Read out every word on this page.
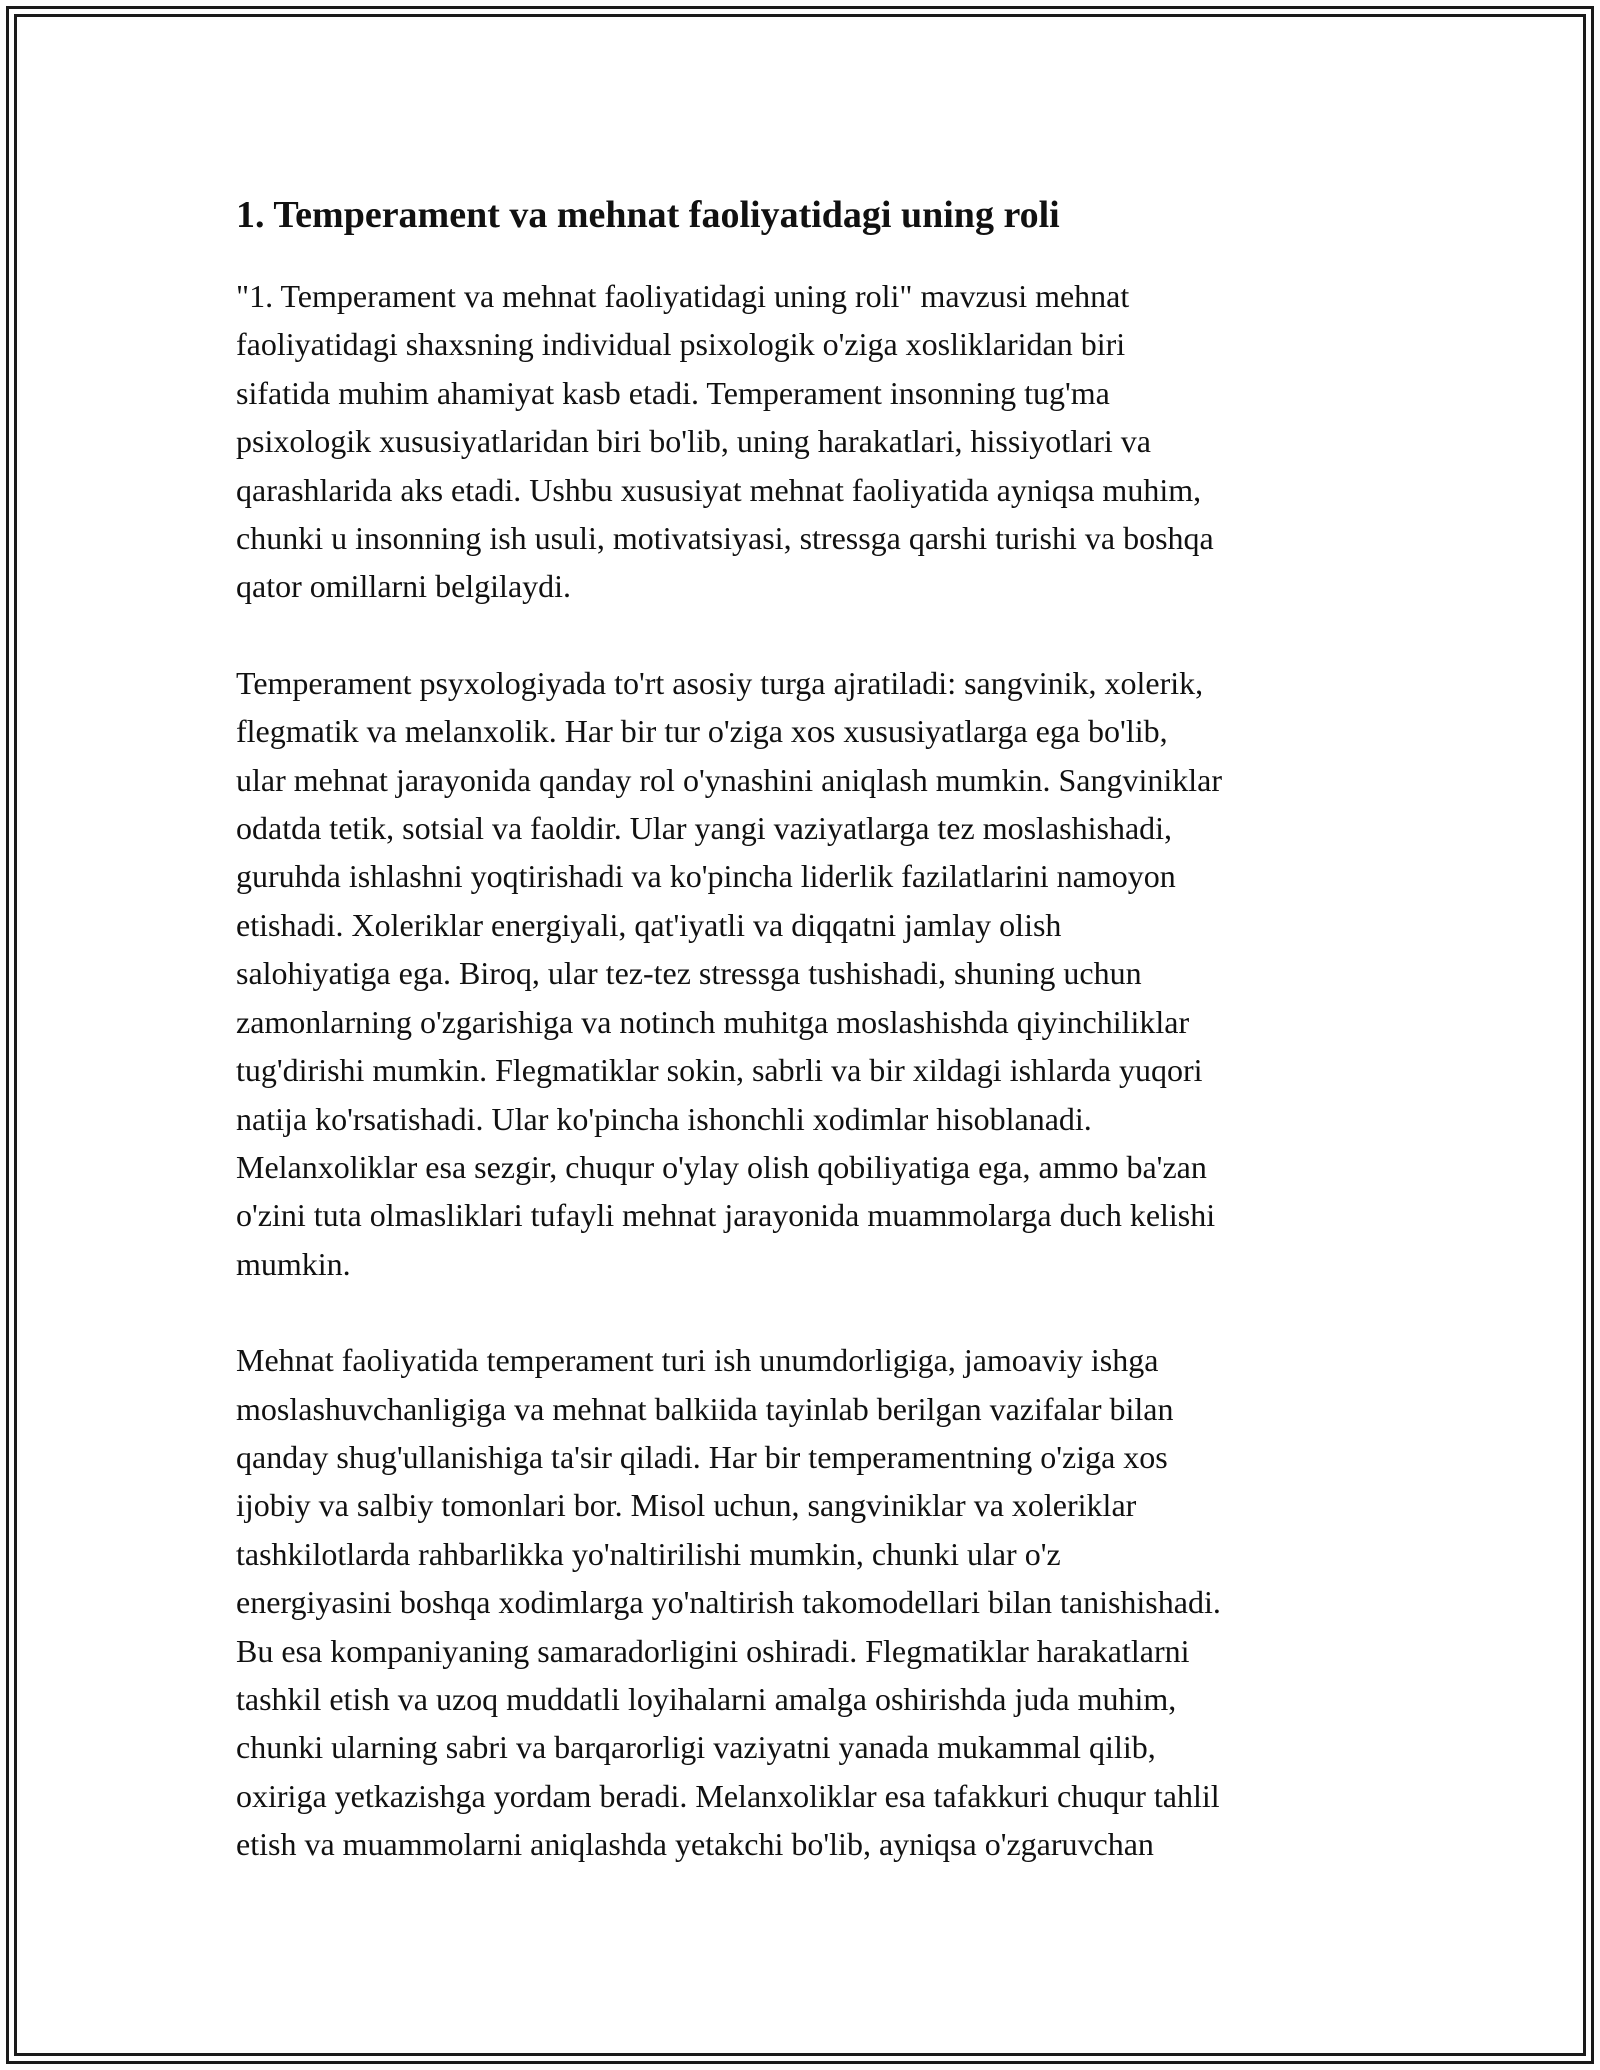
1. Temperament va mehnat faoliyatidagi uning roli

"1. Temperament va mehnat faoliyatidagi uning roli" mavzusi mehnat
faoliyatidagi shaxsning individual psixologik o'ziga xosliklaridan biri
sifatida muhim ahamiyat kasb etadi. Temperament insonning tug'ma
psixologik xususiyatlaridan biri bo'lib, uning harakatlari, hissiyotlari va
qarashlarida aks etadi. Ushbu xususiyat mehnat faoliyatida ayniqsa muhim,
chunki u insonning ish usuli, motivatsiyasi, stressga qarshi turishi va boshqa
qator omillarni belgilaydi.

Temperament psyxologiyada to'rt asosiy turga ajratiladi: sangvinik, xolerik,
flegmatik va melanxolik. Har bir tur o'ziga xos xususiyatlarga ega bo'lib,
ular mehnat jarayonida qanday rol o'ynashini aniqlash mumkin. Sangviniklar
odatda tetik, sotsial va faoldir. Ular yangi vaziyatlarga tez moslashishadi,
guruhda ishlashni yoqtirishadi va ko'pincha liderlik fazilatlarini namoyon
etishadi. Xoleriklar energiyali, qat'iyatli va diqqatni jamlay olish
salohiyatiga ega. Biroq, ular tez-tez stressga tushishadi, shuning uchun
zamonlarning o'zgarishiga va notinch muhitga moslashishda qiyinchiliklar
tug'dirishi mumkin. Flegmatiklar sokin, sabrli va bir xildagi ishlarda yuqori
natija ko'rsatishadi. Ular ko'pincha ishonchli xodimlar hisoblanadi.
Melanxoliklar esa sezgir, chuqur o'ylay olish qobiliyatiga ega, ammo ba'zan
o'zini tuta olmasliklari tufayli mehnat jarayonida muammolarga duch kelishi
mumkin.

Mehnat faoliyatida temperament turi ish unumdorligiga, jamoaviy ishga
moslashuvchanligiga va mehnat balkiida tayinlab berilgan vazifalar bilan
qanday shug'ullanishiga ta'sir qiladi. Har bir temperamentning o'ziga xos
ijobiy va salbiy tomonlari bor. Misol uchun, sangviniklar va xoleriklar
tashkilotlarda rahbarlikka yo'naltirilishi mumkin, chunki ular o'z
energiyasini boshqa xodimlarga yo'naltirish takomodellari bilan tanishishadi.
Bu esa kompaniyaning samaradorligini oshiradi. Flegmatiklar harakatlarni
tashkil etish va uzoq muddatli loyihalarni amalga oshirishda juda muhim,
chunki ularning sabri va barqarorligi vaziyatni yanada mukammal qilib,
oxiriga yetkazishga yordam beradi. Melanxoliklar esa tafakkuri chuqur tahlil
etish va muammolarni aniqlashda yetakchi bo'lib, ayniqsa o'zgaruvchan
